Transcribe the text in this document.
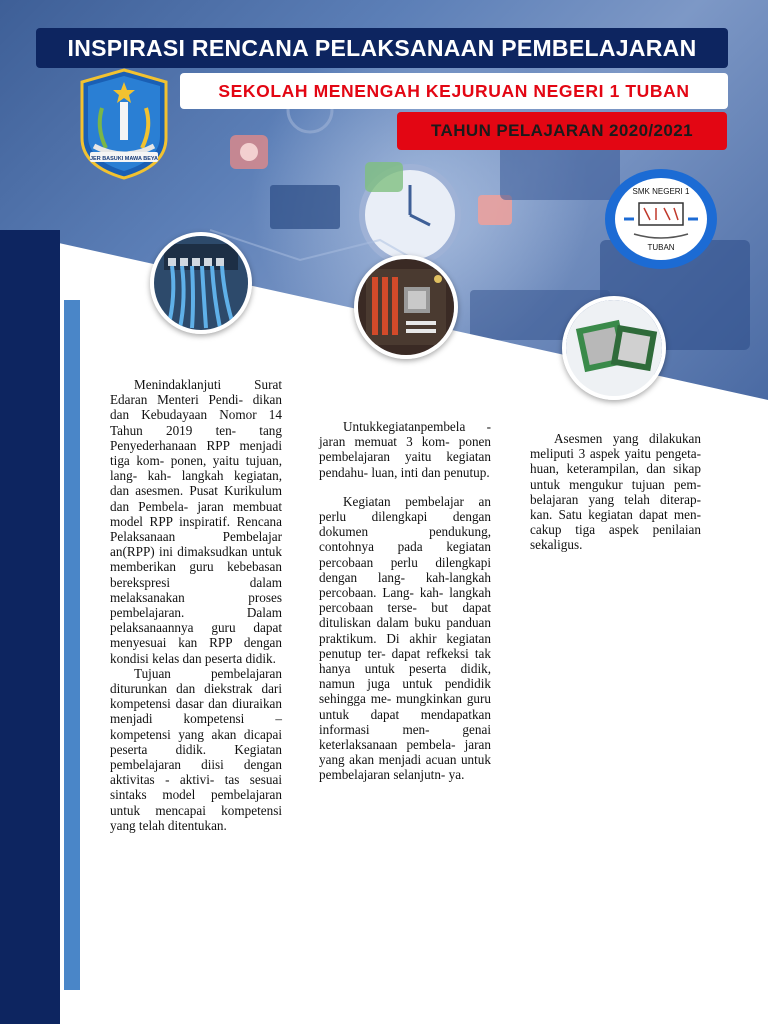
INSPIRASI RENCANA PELAKSANAAN PEMBELAJARAN
SEKOLAH MENENGAH KEJURUAN NEGERI 1 TUBAN
TAHUN PELAJARAN 2020/2021
JER BASUKI MAWA BEYA
SMK NEGERI 1
TUBAN

Menindaklanjuti Surat Edaran Menteri Pendi- dikan dan Kebudayaan Nomor 14 Tahun 2019 ten- tang Penyederhanaan RPP menjadi tiga kom- ponen, yaitu tujuan, lang- kah- langkah kegiatan, dan asesmen. Pusat Kurikulum dan Pembela- jaran membuat model RPP inspiratif. Rencana Pelaksanaan Pembelajar an(RPP) ini dimaksudkan untuk memberikan guru kebebasan berekspresi dalam melaksanakan proses pembelajaran. Dalam pelaksanaannya guru dapat menyesuai kan RPP dengan kondisi kelas dan peserta didik.

Tujuan pembelajaran diturunkan dan diekstrak dari kompetensi dasar dan diuraikan menjadi kompetensi – kompetensi yang akan dicapai peserta didik. Kegiatan pembelajaran diisi dengan aktivitas - aktivi- tas sesuai sintaks model pembelajaran untuk mencapai kompetensi yang telah ditentukan.

Untukkegiatanpembela - jaran memuat 3 kom- ponen pembelajaran yaitu kegiatan pendahu- luan, inti dan penutup.

Kegiatan pembelajar an perlu dilengkapi dengan dokumen pendukung, contohnya pada kegiatan percobaan perlu dilengkapi dengan lang- kah-langkah percobaan. Lang- kah- langkah percobaan terse- but dapat dituliskan dalam buku panduan praktikum. Di akhir kegiatan penutup ter- dapat refkeksi tak hanya untuk peserta didik, namun juga untuk pendidik sehingga me- mungkinkan guru untuk dapat mendapatkan informasi men- genai keterlaksanaan pembela- jaran yang akan menjadi acuan untuk pembelajaran selanjutn- ya.

Asesmen yang dilakukan meliputi 3 aspek yaitu pengeta- huan, keterampilan, dan sikap untuk mengukur tujuan pem- belajaran yang telah diterap- kan. Satu kegiatan dapat men- cakup tiga aspek penilaian sekaligus.
